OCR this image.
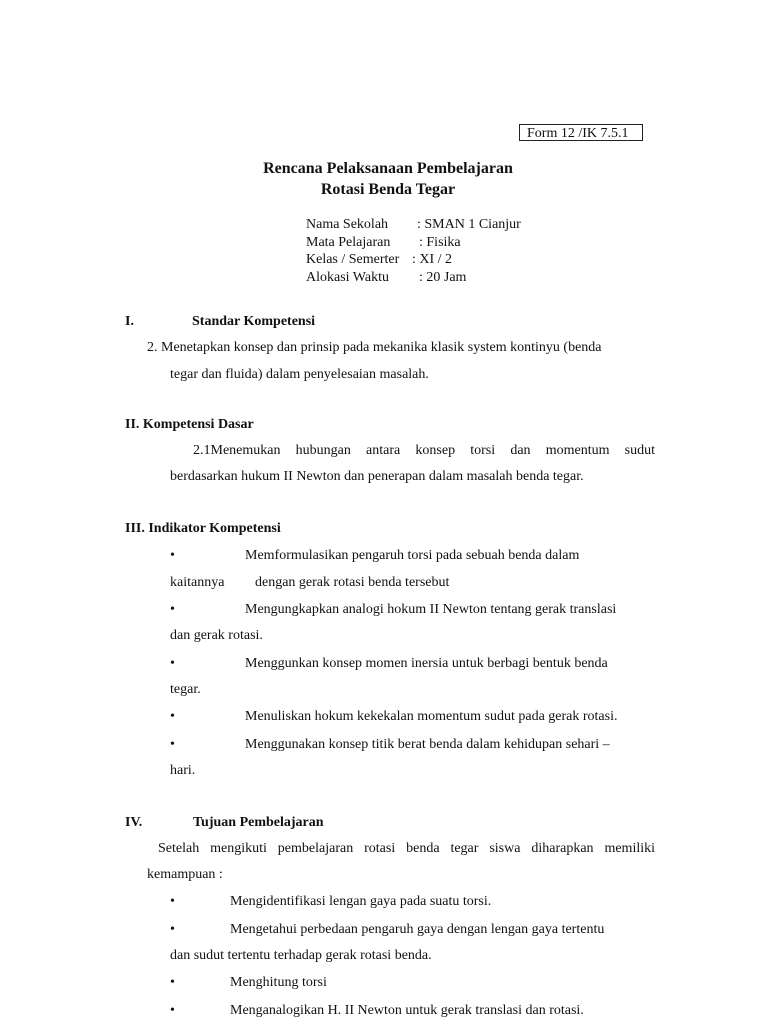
Form 12 /IK 7.5.1
Rencana Pelaksanaan Pembelajaran
Rotasi Benda Tegar
Nama Sekolah : SMAN 1 Cianjur
Mata Pelajaran : Fisika
Kelas / Semerter : XI / 2
Alokasi Waktu : 20 Jam
I.	Standar Kompetensi
2. Menetapkan konsep dan prinsip pada mekanika klasik system kontinyu (benda
tegar dan fluida) dalam penyelesaian masalah.
II. Kompetensi Dasar
2.1Menemukan hubungan antara konsep torsi dan momentum sudut
berdasarkan hukum II Newton dan penerapan dalam masalah benda tegar.
III. Indikator Kompetensi
•	Memformulasikan pengaruh torsi pada sebuah benda dalam
kaitannya dengan gerak rotasi benda tersebut
•	Mengungkapkan analogi hokum II Newton tentang gerak translasi
dan gerak rotasi.
•	Menggunkan konsep momen inersia untuk berbagi bentuk benda
tegar.
•	Menuliskan hokum kekekalan momentum sudut pada gerak rotasi.
•	Menggunakan konsep titik berat benda dalam kehidupan sehari –
hari.
IV.	Tujuan Pembelajaran
Setelah mengikuti pembelajaran rotasi benda tegar siswa diharapkan memiliki
kemampuan :
•	Mengidentifikasi lengan gaya pada suatu torsi.
•	Mengetahui perbedaan pengaruh gaya dengan lengan gaya tertentu
dan sudut tertentu terhadap gerak rotasi benda.
•	Menghitung torsi
•	Menganalogikan H. II Newton untuk gerak translasi dan rotasi.
